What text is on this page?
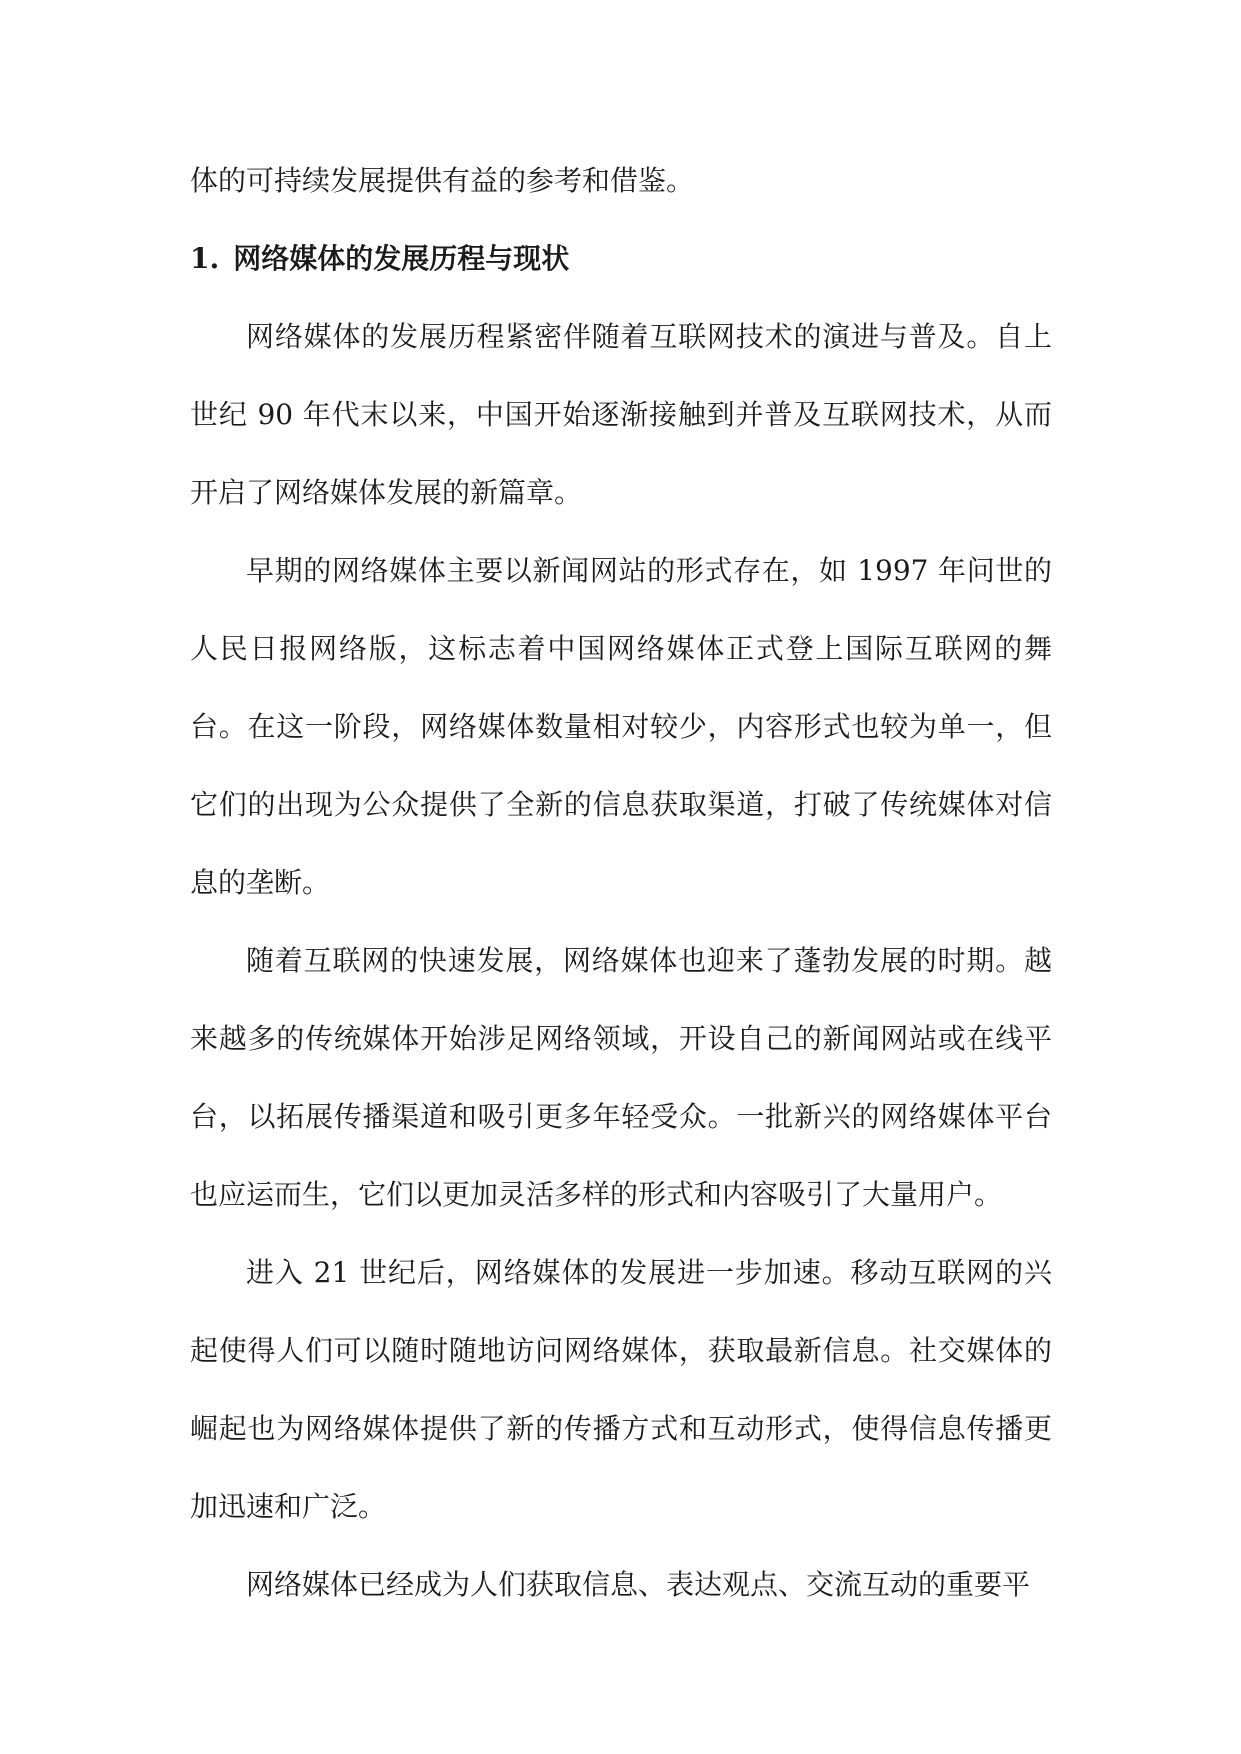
体的可持续发展提供有益的参考和借鉴。

1. 网络媒体的发展历程与现状

网络媒体的发展历程紧密伴随着互联网技术的演进与普及。自上世纪 90 年代末以来，中国开始逐渐接触到并普及互联网技术，从而开启了网络媒体发展的新篇章。

早期的网络媒体主要以新闻网站的形式存在，如 1997 年问世的人民日报网络版，这标志着中国网络媒体正式登上国际互联网的舞台。在这一阶段，网络媒体数量相对较少，内容形式也较为单一，但它们的出现为公众提供了全新的信息获取渠道，打破了传统媒体对信息的垄断。

随着互联网的快速发展，网络媒体也迎来了蓬勃发展的时期。越来越多的传统媒体开始涉足网络领域，开设自己的新闻网站或在线平台，以拓展传播渠道和吸引更多年轻受众。一批新兴的网络媒体平台也应运而生，它们以更加灵活多样的形式和内容吸引了大量用户。

进入 21 世纪后，网络媒体的发展进一步加速。移动互联网的兴起使得人们可以随时随地访问网络媒体，获取最新信息。社交媒体的崛起也为网络媒体提供了新的传播方式和互动形式，使得信息传播更加迅速和广泛。

网络媒体已经成为人们获取信息、表达观点、交流互动的重要平
